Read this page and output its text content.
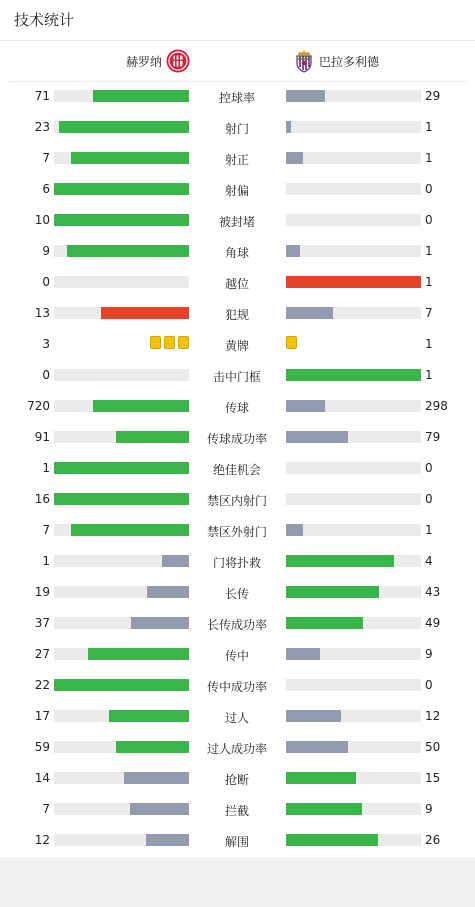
技术统计
赫罗纳	巴拉多利德
71	控球率	29
23	射门	1
7	射正	1
6	射偏	0
10	被封堵	0
9	角球	1
0	越位	1
13	犯规	7
3	黄牌	1
0	击中门框	1
720	传球	298
91	传球成功率	79
1	绝佳机会	0
16	禁区内射门	0
7	禁区外射门	1
1	门将扑救	4
19	长传	43
37	长传成功率	49
27	传中	9
22	传中成功率	0
17	过人	12
59	过人成功率	50
14	抢断	15
7	拦截	9
12	解围	26
